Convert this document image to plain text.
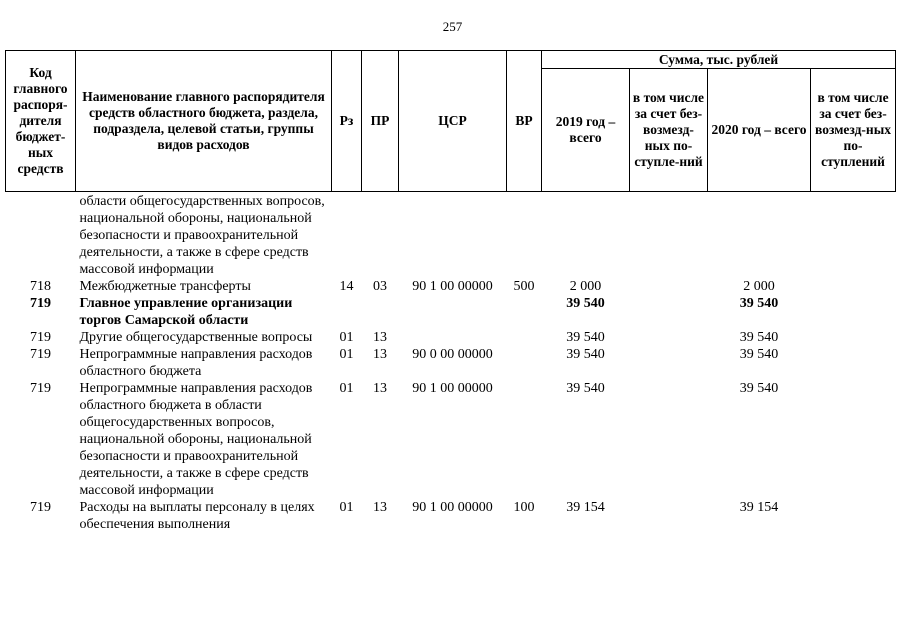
257
Код главного распоря-дителя бюджет-ных средств	Наименование главного распорядителя средств областного бюджета, раздела, подраздела, целевой статьи, группы видов расходов	Рз	ПР	ЦСР	ВР	Сумма, тыс. рублей			
						2019 год – всего	в том числе за счет без-возмезд-ных по-ступле-ний	2020 год – всего	в том числе за счет без-возмезд-ных по-ступлений

	области общегосударственных вопросов, национальной обороны, национальной безопасности и правоохранительной деятельности, а также в сфере средств массовой информации								
718	Межбюджетные трансферты	14	03	90 1 00 00000	500	2 000		2 000	
719	Главное управление организации торгов Самарской области					39 540		39 540	
719	Другие общегосударственные вопросы	01	13			39 540		39 540	
719	Непрограммные направления расходов областного бюджета	01	13	90 0 00 00000		39 540		39 540	
719	Непрограммные направления расходов областного бюджета в области общегосударственных вопросов, национальной обороны, национальной безопасности и правоохранительной деятельности, а также в сфере средств массовой информации	01	13	90 1 00 00000		39 540		39 540	
719	Расходы на выплаты персоналу в целях обеспечения выполнения	01	13	90 1 00 00000	100	39 154		39 154	
